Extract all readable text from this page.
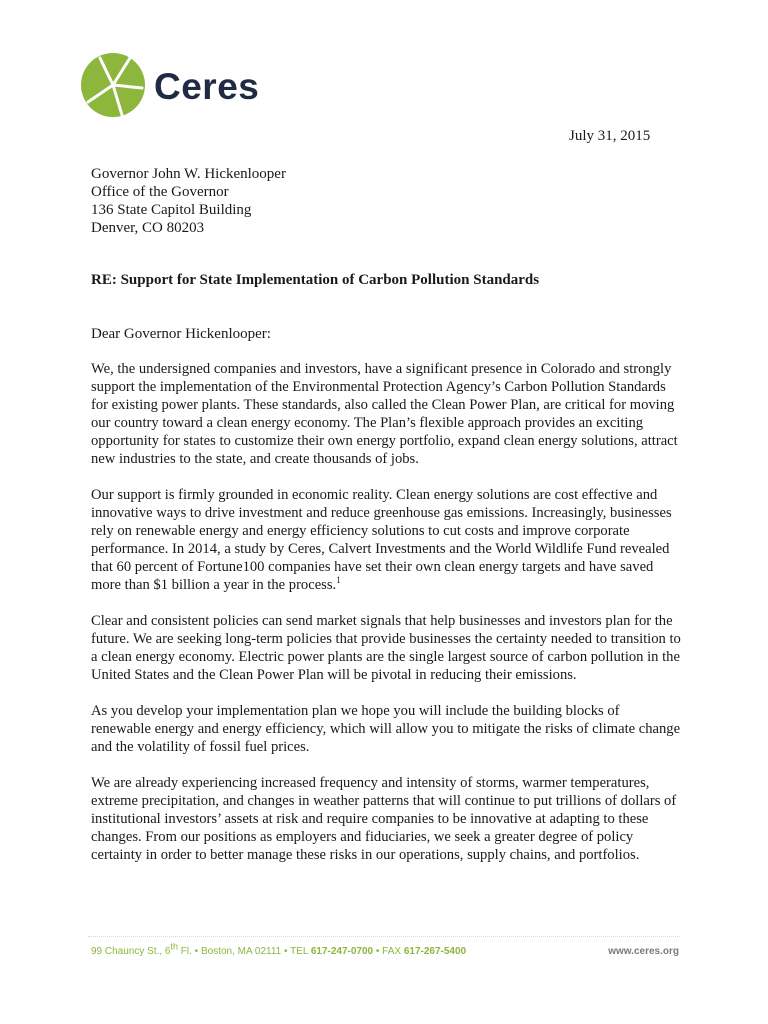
Ceres
July 31, 2015
Governor John W. Hickenlooper
Office of the Governor
136 State Capitol Building
Denver, CO 80203
RE: Support for State Implementation of Carbon Pollution Standards
Dear Governor Hickenlooper:

We, the undersigned companies and investors, have a significant presence in Colorado and strongly support the implementation of the Environmental Protection Agency’s Carbon Pollution Standards for existing power plants. These standards, also called the Clean Power Plan, are critical for moving our country toward a clean energy economy. The Plan’s flexible approach provides an exciting opportunity for states to customize their own energy portfolio, expand clean energy solutions, attract new industries to the state, and create thousands of jobs.

Our support is firmly grounded in economic reality. Clean energy solutions are cost effective and innovative ways to drive investment and reduce greenhouse gas emissions. Increasingly, businesses rely on renewable energy and energy efficiency solutions to cut costs and improve corporate performance. In 2014, a study by Ceres, Calvert Investments and the World Wildlife Fund revealed that 60 percent of Fortune100 companies have set their own clean energy targets and have saved more than $1 billion a year in the process.$^1$

Clear and consistent policies can send market signals that help businesses and investors plan for the future. We are seeking long-term policies that provide businesses the certainty needed to transition to a clean energy economy. Electric power plants are the single largest source of carbon pollution in the United States and the Clean Power Plan will be pivotal in reducing their emissions.

As you develop your implementation plan we hope you will include the building blocks of renewable energy and energy efficiency, which will allow you to mitigate the risks of climate change and the volatility of fossil fuel prices.

We are already experiencing increased frequency and intensity of storms, warmer temperatures, extreme precipitation, and changes in weather patterns that will continue to put trillions of dollars of institutional investors’ assets at risk and require companies to be innovative at adapting to these changes. From our positions as employers and fiduciaries, we seek a greater degree of policy certainty in order to better manage these risks in our operations, supply chains, and portfolios.

99 Chauncy St., 6th Fl. • Boston, MA 02111 • TEL 617-247-0700 • FAX 617-267-5400	www.ceres.org
